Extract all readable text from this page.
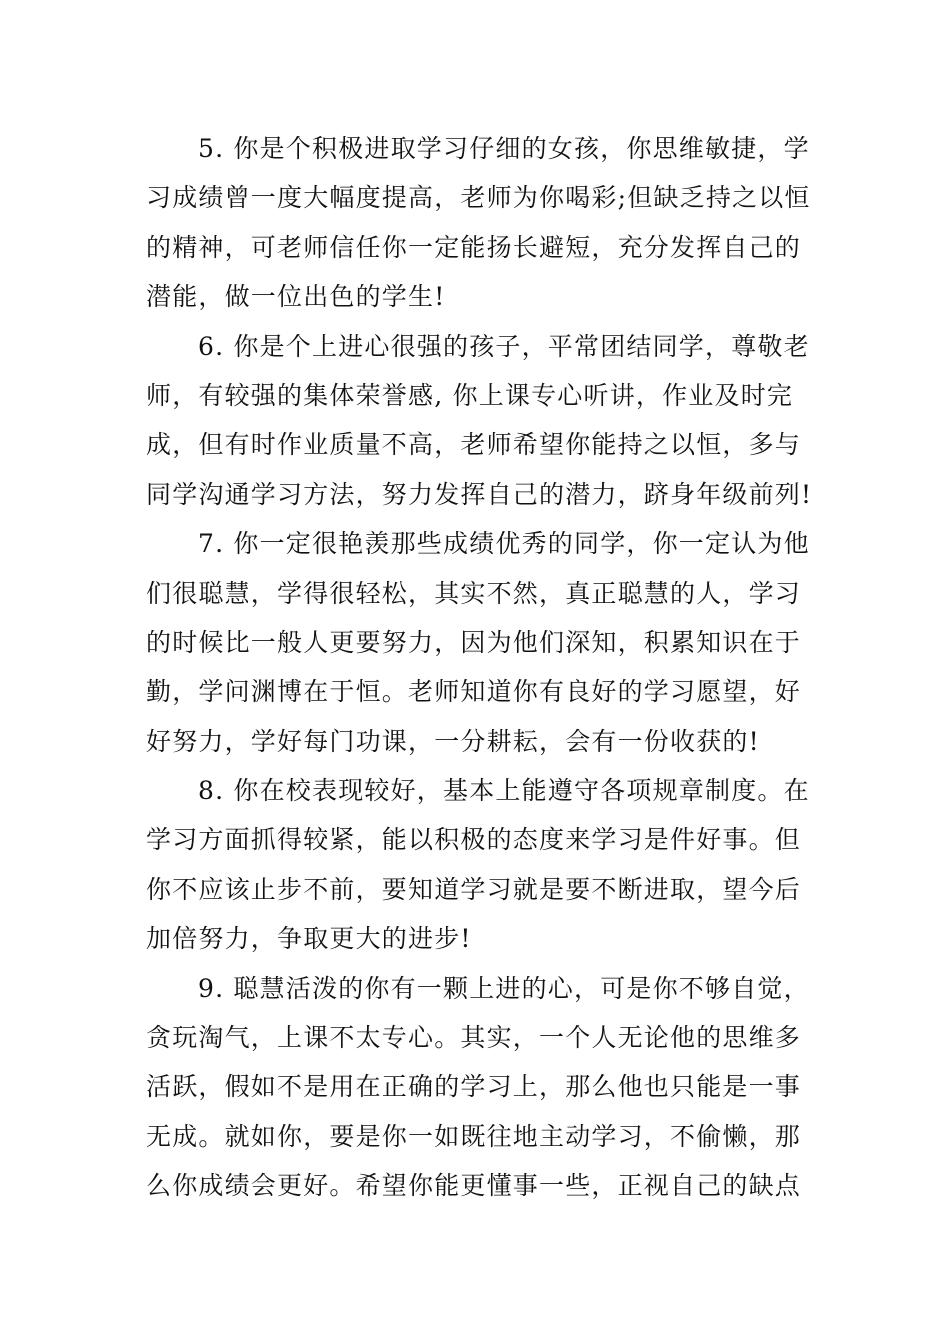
5. 你是个积极进取学习仔细的女孩，你思维敏捷，学
习成绩曾一度大幅度提高，老师为你喝彩;但缺乏持之以恒
的精神，可老师信任你一定能扬长避短，充分发挥自己的
潜能，做一位出色的学生!
6. 你是个上进心很强的孩子，平常团结同学，尊敬老
师，有较强的集体荣誉感, 你上课专心听讲，作业及时完
成，但有时作业质量不高，老师希望你能持之以恒，多与
同学沟通学习方法，努力发挥自己的潜力，跻身年级前列!
7. 你一定很艳羡那些成绩优秀的同学，你一定认为他
们很聪慧，学得很轻松，其实不然，真正聪慧的人，学习
的时候比一般人更要努力，因为他们深知，积累知识在于
勤，学问渊博在于恒。老师知道你有良好的学习愿望，好
好努力，学好每门功课，一分耕耘，会有一份收获的!
8. 你在校表现较好，基本上能遵守各项规章制度。在
学习方面抓得较紧，能以积极的态度来学习是件好事。但
你不应该止步不前，要知道学习就是要不断进取，望今后
加倍努力，争取更大的进步!
9. 聪慧活泼的你有一颗上进的心，可是你不够自觉，
贪玩淘气，上课不太专心。其实，一个人无论他的思维多
活跃，假如不是用在正确的学习上，那么他也只能是一事
无成。就如你，要是你一如既往地主动学习，不偷懒，那
么你成绩会更好。希望你能更懂事一些，正视自己的缺点
